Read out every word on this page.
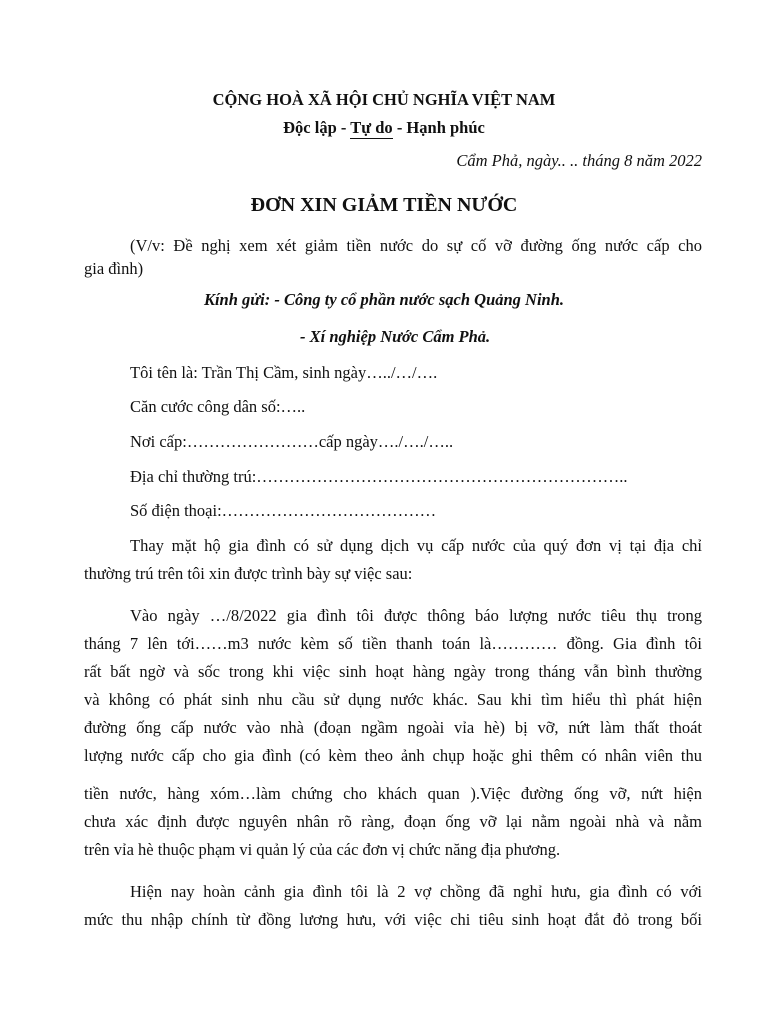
CỘNG HOÀ XÃ HỘI CHỦ NGHĨA VIỆT NAM
Độc lập - Tự do - Hạnh phúc
Cẩm Phả, ngày.. .. tháng 8 năm 2022
ĐƠN XIN GIẢM TIỀN NƯỚC
(V/v: Đề nghị xem xét giảm tiền nước do sự cố vỡ đường ống nước cấp cho
gia đình)
Kính gửi: - Công ty cổ phần nước sạch Quảng Ninh.
- Xí nghiệp Nước Cẩm Phả.
Tôi tên là: Trần Thị Cầm, sinh ngày…../…/….
Căn cước công dân số:…..
Nơi cấp:……………………cấp ngày…./…./…..
Địa chỉ thường trú:…………………………………………………………..
Số điện thoại:…………………………………
Thay mặt hộ gia đình có sử dụng dịch vụ cấp nước của quý đơn vị tại địa chỉ
thường trú trên tôi xin được trình bày sự việc sau:
Vào ngày …/8/2022 gia đình tôi được thông báo lượng nước tiêu thụ trong
tháng 7 lên tới……m3 nước kèm số tiền thanh toán là………… đồng. Gia đình tôi
rất bất ngờ và sốc trong khi việc sinh hoạt hàng ngày trong tháng vẫn bình thường
và không có phát sinh nhu cầu sử dụng nước khác. Sau khi tìm hiểu thì phát hiện
đường ống cấp nước vào nhà (đoạn ngầm ngoài vỉa hè) bị vỡ, nứt làm thất thoát
lượng nước cấp cho gia đình (có kèm theo ảnh chụp hoặc ghi thêm có nhân viên thu
tiền nước, hàng xóm…làm chứng cho khách quan ).Việc đường ống vỡ, nứt hiện
chưa xác định được nguyên nhân rõ ràng, đoạn ống vỡ lại nằm ngoài nhà và nằm
trên vỉa hè thuộc phạm vi quản lý của các đơn vị chức năng địa phương.
Hiện nay hoàn cảnh gia đình tôi là 2 vợ chồng đã nghỉ hưu, gia đình có với
mức thu nhập chính từ đồng lương hưu, với việc chi tiêu sinh hoạt đắt đỏ trong bối
